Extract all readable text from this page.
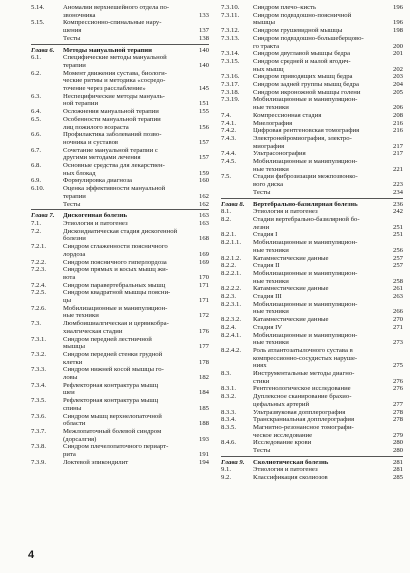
5.14.	Аномалии верхнешейного отдела по-
звоночника	133
5.15.	Компрессионно-спинальные нару-
шения	137
Тесты	138
Глава 6.	Методы мануальной терапии	140
6.1.	Специфические методы мануальной
терапии	140
6.2.	Момент движения сустава, биологи-
ческие ритмы и методика «сосредо-
точение через расслабление»	145
6.3.	Неспецифические методы мануаль-
ной терапии	151
6.4.	Осложнения мануальной терапии	155
6.5.	Особенности мануальной терапии
лиц пожилого возраста	156
6.6.	Профилактика заболеваний позво-
ночника и суставов	157
6.7.	Сочетание мануальной терапии с
другими методами лечения	157
6.8.	Основные средства для лекарствен-
ных блокад	159
6.9.	Формулировка диагноза	160
6.10.	Оценка эффективности мануальной
терапии	162
Тесты	162
Глава 7.	Дискогенная болезнь	163
7.1.	Этиология и патогенез	163
7.2.	Дискоидиатическая стадия дискогенной
болезни	168
7.2.1.	Синдром сглаженности поясничного
лордоза	169
7.2.2.	Синдром поясничного гиперлордоза	169
7.2.3.	Синдром прямых и косых мышц жи-
вота	170
7.2.4.	Синдром паравертебральных мышц	171
7.2.5.	Синдром квадратной мышцы поясни-
цы	171
7.2.6.	Мобилизационные и манипуляцион-
ные техники	172
7.3.	Люмбоишиалгическая и цервикобра-
хиалгическая стадии	176
7.3.1.	Синдром передней лестничной
мышцы	177
7.3.2.	Синдром передней стенки грудной
клетки	178
7.3.3.	Синдром нижней косой мышцы го-
ловы	182
7.3.4.	Рефлекторная контрактура мышц
шеи	184
7.3.5.	Рефлекторная контрактура мышц
спины	185
7.3.6.	Синдром мышц верхнелопаточной
области	188
7.3.7.	Межлопаточный болевой синдром
(дорсалгия)	193
7.3.8.	Синдром плечелопаточного периарт-
рита	191
7.3.9.	Локтевой эпикондилит	194
7.3.10.	Синдром плечо–кисть	196
7.3.11.	Синдром подвздошно-поясничной
мышцы	196
7.3.12.	Синдром грушевидной мышцы	198
7.3.13.	Синдром подвздошно-большеберцово-
го тракта	200
7.3.14.	Синдром двуглавой мышцы бедра	201
7.3.15.	Синдром средней и малой ягодич-
ных мышц	202
7.3.16.	Синдром приводящих мышц бедра	203
7.3.17.	Синдром задней группы мышц бедра	204
7.3.18.	Синдром икроножной мышцы голени	205
7.3.19.	Мобилизационные и манипуляцион-
ные техники	206
7.4.	Компрессионная стадия	208
7.4.1.	Миелография	216
7.4.2.	Цифровая рентгеновская томография	216
7.4.3.	Электронейромиография, электро-
миография	217
7.4.4.	Ультрасонография	217
7.4.5.	Мобилизационные и манипуляцион-
ные техники	221
7.5.	Стадии фиброзизации межпозвонко-
вого диска	223
Тесты	234
Глава 8.	Вертебрально-базилярная болезнь	236
8.1.	Этиология и патогенез	242
8.2.	Стадии вертебрально-базилярной бо-
лезни	251
8.2.1.	Стадия I	251
8.2.1.1.	Мобилизационные и манипуляцион-
ные техники	256
8.2.1.2.	Катамнестические данные	257
8.2.2.	Стадия II	257
8.2.2.1.	Мобилизационные и манипуляцион-
ные техники	258
8.2.2.2.	Катамнестические данные	261
8.2.3.	Стадия III	263
8.2.3.1.	Мобилизационные и манипуляцион-
ные техники	266
8.2.3.2.	Катамнестические данные	270
8.2.4.	Стадия IV	271
8.2.4.1.	Мобилизационные и манипуляцион-
ные техники	273
8.2.4.2.	Роль атлантозатылочного сустава в
компрессионно-сосудистых наруше-
ниях	275
8.3.	Инструментальные методы диагно-
стики	276
8.3.1.	Рентгенологическое исследование	276
8.3.2.	Дуплексное сканирование брахио-
цефальных артерий	277
8.3.3.	Ультразвуковая допплерография	278
8.3.4.	Транскраниальная допплерография	278
8.3.5.	Магнитно-резонансное томографи-
ческое исследование	279
8.4.6.	Исследование крови	280
Тесты	280
Глава 9.	Сколиотическая болезнь	281
9.1.	Этиология и патогенез	281
9.2.	Классификация сколиозов	285
4
